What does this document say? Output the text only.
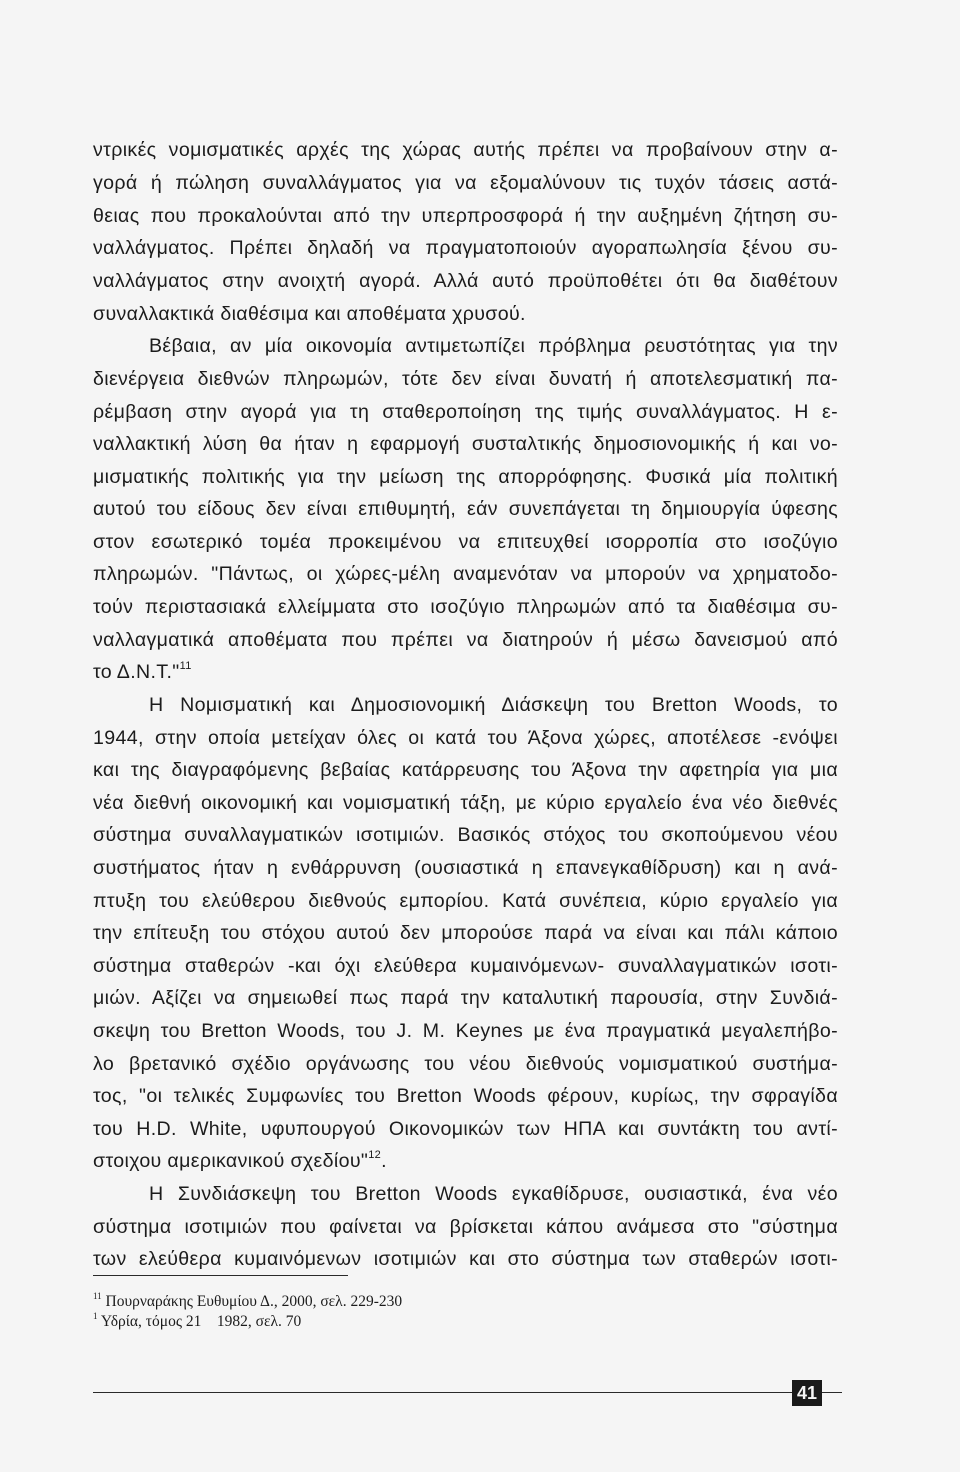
ντρικές νομισματικές αρχές της χώρας αυτής πρέπει να προβαίνουν στην α-
γορά ή πώληση συναλλάγματος για να εξομαλύνουν τις τυχόν τάσεις αστά-
θειας που προκαλούνται από την υπερπροσφορά ή την αυξημένη ζήτηση συ-
ναλλάγματος. Πρέπει δηλαδή να πραγματοποιούν αγοραπωλησία ξένου συ-
ναλλάγματος στην ανοιχτή αγορά. Αλλά αυτό προϋποθέτει ότι θα διαθέτουν
συναλλακτικά διαθέσιμα και αποθέματα χρυσού.
Βέβαια, αν μία οικονομία αντιμετωπίζει πρόβλημα ρευστότητας για την
διενέργεια διεθνών πληρωμών, τότε δεν είναι δυνατή ή αποτελεσματική πα-
ρέμβαση στην αγορά για τη σταθεροποίηση της τιμής συναλλάγματος. Η ε-
ναλλακτική λύση θα ήταν η εφαρμογή συσταλτικής δημοσιονομικής ή και νο-
μισματικής πολιτικής για την μείωση της απορρόφησης. Φυσικά μία πολιτική
αυτού του είδους δεν είναι επιθυμητή, εάν συνεπάγεται τη δημιουργία ύφεσης
στον εσωτερικό τομέα προκειμένου να επιτευχθεί ισορροπία στο ισοζύγιο
πληρωμών. "Πάντως, οι χώρες-μέλη αναμενόταν να μπορούν να χρηματοδο-
τούν περιστασιακά ελλείμματα στο ισοζύγιο πληρωμών από τα διαθέσιμα συ-
ναλλαγματικά αποθέματα που πρέπει να διατηρούν ή μέσω δανεισμού από
το Δ.Ν.Τ."$^{11}$
Η Νομισματική και Δημοσιονομική Διάσκεψη του Bretton Woods, το
1944, στην οποία μετείχαν όλες οι κατά του Άξονα χώρες, αποτέλεσε -ενόψει
και της διαγραφόμενης βεβαίας κατάρρευσης του Άξονα την αφετηρία για μια
νέα διεθνή οικονομική και νομισματική τάξη, με κύριο εργαλείο ένα νέο διεθνές
σύστημα συναλλαγματικών ισοτιμιών. Βασικός στόχος του σκοπούμενου νέου
συστήματος ήταν η ενθάρρυνση (ουσιαστικά η επανεγκαθίδρυση) και η ανά-
πτυξη του ελεύθερου διεθνούς εμπορίου. Κατά συνέπεια, κύριο εργαλείο για
την επίτευξη του στόχου αυτού δεν μπορούσε παρά να είναι και πάλι κάποιο
σύστημα σταθερών -και όχι ελεύθερα κυμαινόμενων- συναλλαγματικών ισοτι-
μιών. Αξίζει να σημειωθεί πως παρά την καταλυτική παρουσία, στην Συνδιά-
σκεψη του Bretton Woods, του J. M. Keynes με ένα πραγματικά μεγαλεπήβο-
λο βρετανικό σχέδιο οργάνωσης του νέου διεθνούς νομισματικού συστήμα-
τος, "οι τελικές Συμφωνίες του Bretton Woods φέρουν, κυρίως, την σφραγίδα
του H.D. White, υφυπουργού Οικονομικών των ΗΠΑ και συντάκτη του αντί-
στοιχου αμερικανικού σχεδίου"$^{12}$.
Η Συνδιάσκεψη του Bretton Woods εγκαθίδρυσε, ουσιαστικά, ένα νέο
σύστημα ισοτιμιών που φαίνεται να βρίσκεται κάπου ανάμεσα στο "σύστημα
των ελεύθερα κυμαινόμενων ισοτιμιών και στο σύστημα των σταθερών ισοτι-
$^{11}$ Πουρναράκης Ευθυμίου Δ., 2000, σελ. 229-230
$^1$ Υδρία, τόμος 21    1982, σελ. 70
41
